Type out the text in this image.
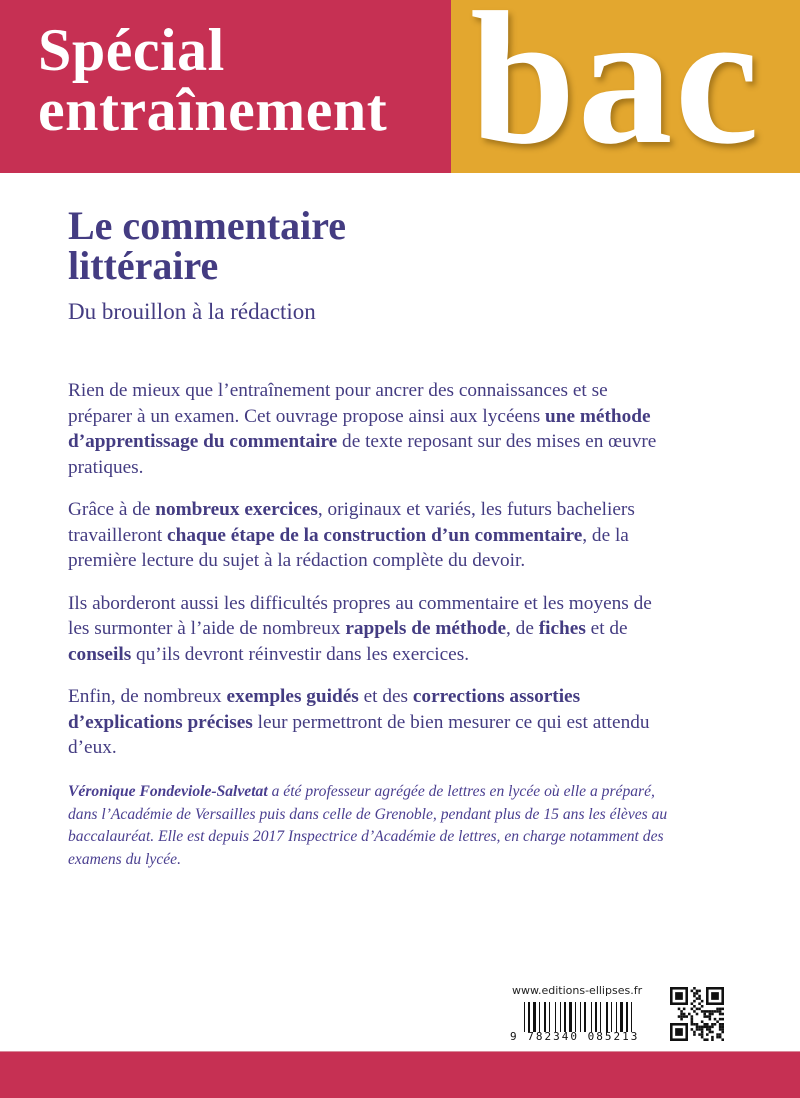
Spécial
entraînement bac
Le commentaire
littéraire
Du brouillon à la rédaction

Rien de mieux que l’entraînement pour ancrer des connaissances et se préparer à un examen. Cet ouvrage propose ainsi aux lycéens une méthode d’apprentissage du commentaire de texte reposant sur des mises en œuvre pratiques.

Grâce à de nombreux exercices, originaux et variés, les futurs bacheliers travailleront chaque étape de la construction d’un commentaire, de la première lecture du sujet à la rédaction complète du devoir.

Ils aborderont aussi les difficultés propres au commentaire et les moyens de les surmonter à l’aide de nombreux rappels de méthode, de fiches et de conseils qu’ils devront réinvestir dans les exercices.

Enfin, de nombreux exemples guidés et des corrections assorties d’explications précises leur permettront de bien mesurer ce qui est attendu d’eux.

Véronique Fondeviole-Salvetat a été professeur agrégée de lettres en lycée où elle a préparé, dans l’Académie de Versailles puis dans celle de Grenoble, pendant plus de 15 ans les élèves au baccalauréat. Elle est depuis 2017 Inspectrice d’Académie de lettres, en charge notamment des examens du lycée.

www.editions-ellipses.fr
9 782340 085213
